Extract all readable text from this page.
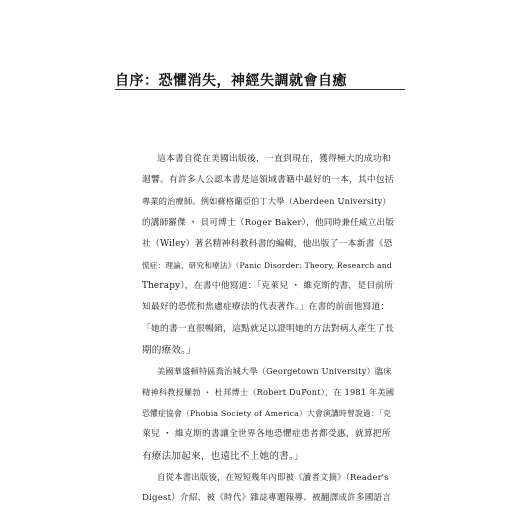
自序：恐懼消失，神經失調就會自癒
這本書自從在美國出版後，一直到現在，獲得極大的成功和
迴響。有許多人公認本書是這領域書籍中最好的一本，其中包括
專業的治療師。例如蘇格蘭亞伯丁大學（Aberdeen University）
的講師羅傑 ・ 貝可博士（Roger Baker），他同時兼任威立出版
社（Wiley）著名精神科教科書的編輯，他出版了一本新書《恐
慌症：理論、研究和療法》（Panic Disorder: Theory, Research and
Therapy），在書中他寫道：「克萊兒 ・ 維克斯的書，是目前所
知最好的恐慌和焦慮症療法的代表著作。」在書的前面他寫道：
「她的書一直很暢銷，這點就足以證明她的方法對病人產生了長
期的療效。」
美國華盛頓特區喬治城大學（Georgetown University）臨床
精神科教授羅勃 ・ 杜邦博士（Robert DuPont），在 1981 年美國
恐懼症協會（Phobia Society of America）大會演講時曾說過：「克
萊兒 ・ 維克斯的書讓全世界各地恐懼症患者都受惠，就算把所
有療法加起來，也遠比不上她的書。」
自從本書出版後，在短短幾年內即被《讀者文摘》（Reader's
Digest）介紹、被《時代》雜誌專題報導、被翻譯成許多國語言
